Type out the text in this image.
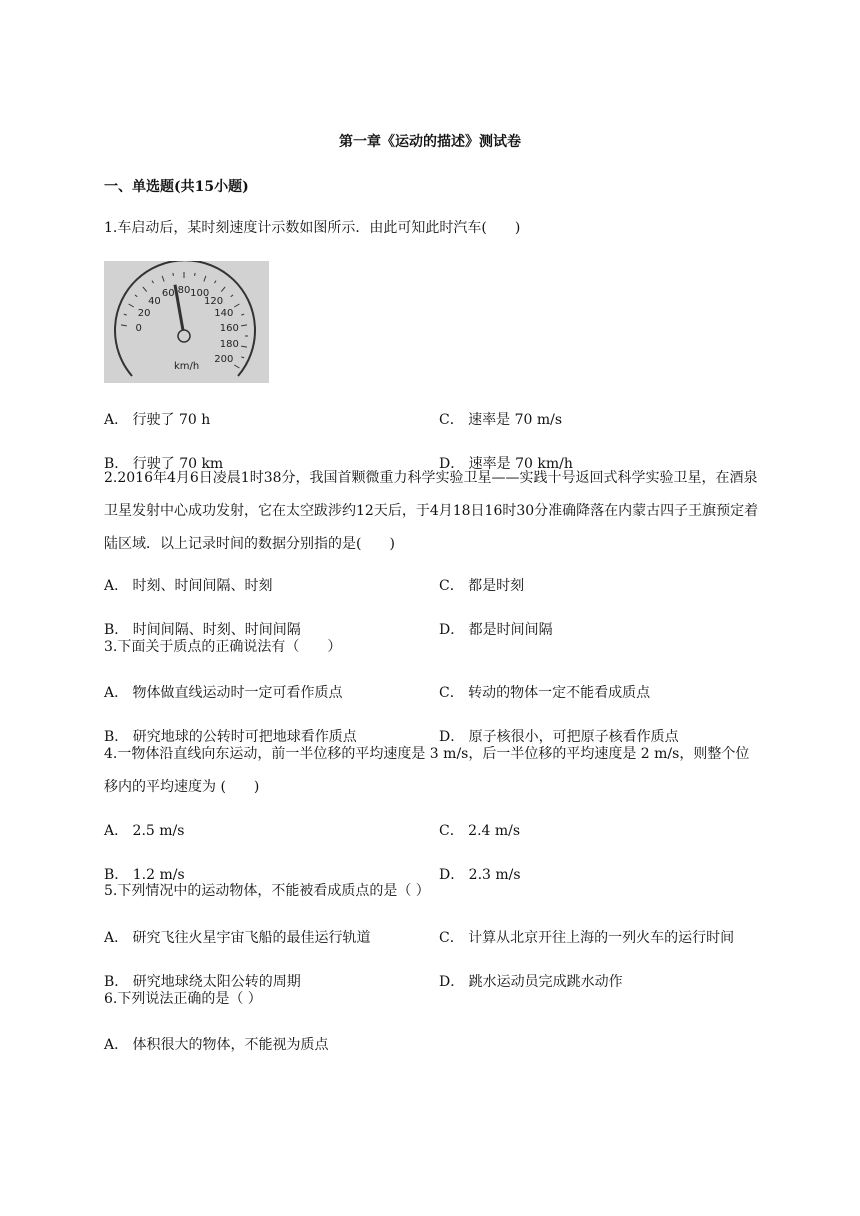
第一章《运动的描述》测试卷
一、单选题(共15小题)
1.车启动后，某时刻速度计示数如图所示．由此可知此时汽车(　　)
0
20
40
60 80 100
120
140
160
180
200
km/h
A． 行驶了 70 h	C． 速率是 70 m/s
B． 行驶了 70 km	D． 速率是 70 km/h
2.2016年4月6日凌晨1时38分，我国首颗微重力科学实验卫星——实践十号返回式科学实验卫星，在酒泉卫星发射中心成功发射，它在太空跋涉约12天后，于4月18日16时30分准确降落在内蒙古四子王旗预定着陆区域．以上记录时间的数据分别指的是(　　)
A． 时刻、时间间隔、时刻	C． 都是时刻
B． 时间间隔、时刻、时间间隔	D． 都是时间间隔
3.下面关于质点的正确说法有（　　）
A． 物体做直线运动时一定可看作质点	C． 转动的物体一定不能看成质点
B． 研究地球的公转时可把地球看作质点	D． 原子核很小，可把原子核看作质点
4.一物体沿直线向东运动，前一半位移的平均速度是 3 m/s，后一半位移的平均速度是 2 m/s，则整个位移内的平均速度为 (　　)
A． 2.5 m/s	C． 2.4 m/s
B． 1.2 m/s	D． 2.3 m/s
5.下列情况中的运动物体，不能被看成质点的是（ ）
A． 研究飞往火星宇宙飞船的最佳运行轨道	C． 计算从北京开往上海的一列火车的运行时间
B． 研究地球绕太阳公转的周期	D． 跳水运动员完成跳水动作
6.下列说法正确的是（ ）
A． 体积很大的物体，不能视为质点
